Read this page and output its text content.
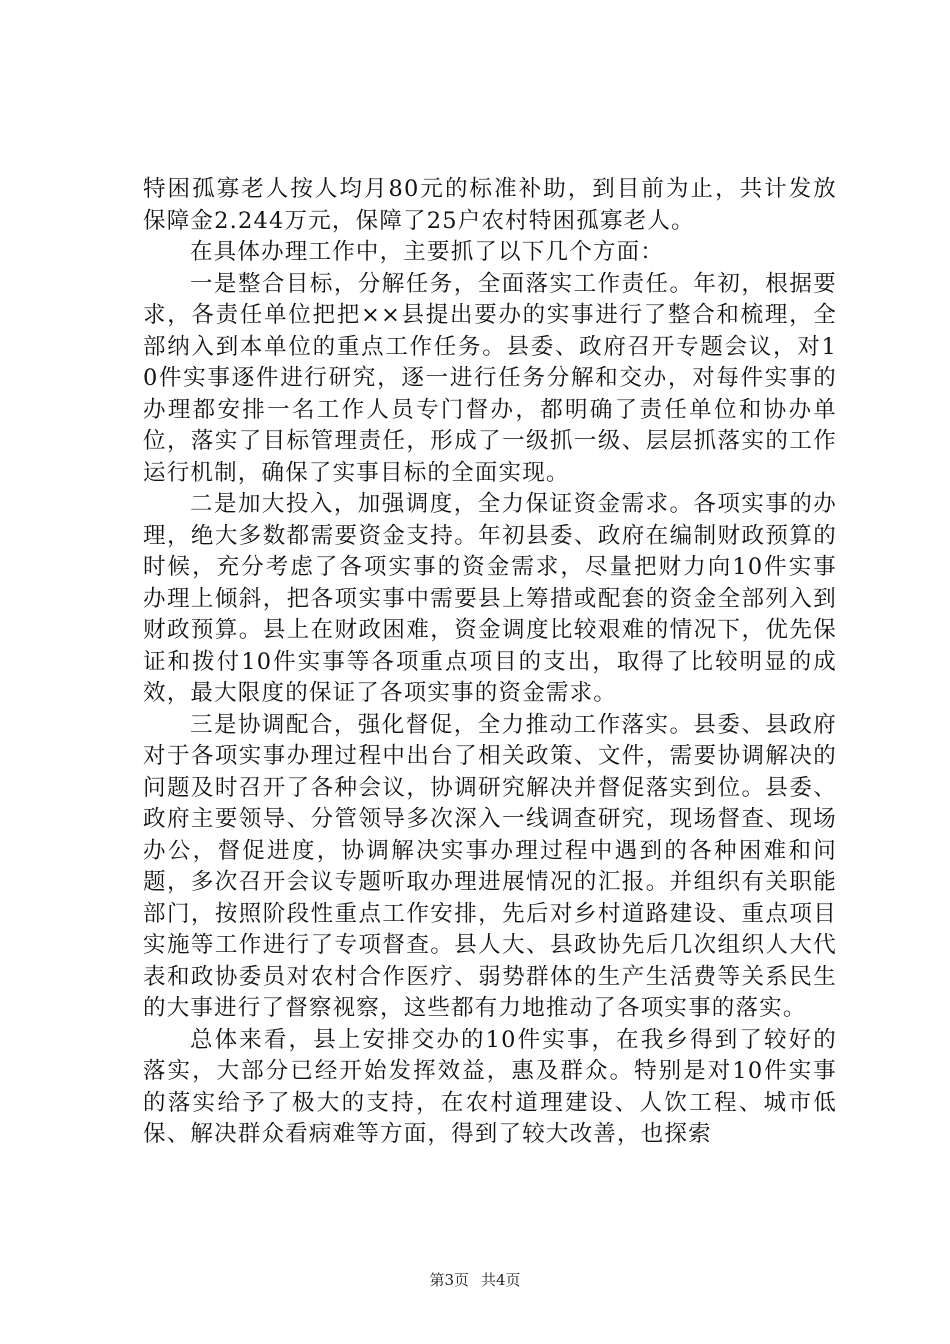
特困孤寡老人按人均月80元的标准补助，到目前为止，共计发放保障金2.244万元，保障了25户农村特困孤寡老人。

在具体办理工作中，主要抓了以下几个方面：

一是整合目标，分解任务，全面落实工作责任。年初，根据要求，各责任单位把把××县提出要办的实事进行了整合和梳理，全部纳入到本单位的重点工作任务。县委、政府召开专题会议，对10件实事逐件进行研究，逐一进行任务分解和交办，对每件实事的办理都安排一名工作人员专门督办，都明确了责任单位和协办单位，落实了目标管理责任，形成了一级抓一级、层层抓落实的工作运行机制，确保了实事目标的全面实现。

二是加大投入，加强调度，全力保证资金需求。各项实事的办理，绝大多数都需要资金支持。年初县委、政府在编制财政预算的时候，充分考虑了各项实事的资金需求，尽量把财力向10件实事办理上倾斜，把各项实事中需要县上筹措或配套的资金全部列入到财政预算。县上在财政困难，资金调度比较艰难的情况下，优先保证和拨付10件实事等各项重点项目的支出，取得了比较明显的成效，最大限度的保证了各项实事的资金需求。

三是协调配合，强化督促，全力推动工作落实。县委、县政府对于各项实事办理过程中出台了相关政策、文件，需要协调解决的问题及时召开了各种会议，协调研究解决并督促落实到位。县委、政府主要领导、分管领导多次深入一线调查研究，现场督查、现场办公，督促进度，协调解决实事办理过程中遇到的各种困难和问题，多次召开会议专题听取办理进展情况的汇报。并组织有关职能部门，按照阶段性重点工作安排，先后对乡村道路建设、重点项目实施等工作进行了专项督查。县人大、县政协先后几次组织人大代表和政协委员对农村合作医疗、弱势群体的生产生活费等关系民生的大事进行了督察视察，这些都有力地推动了各项实事的落实。

总体来看，县上安排交办的10件实事，在我乡得到了较好的落实，大部分已经开始发挥效益，惠及群众。特别是对10件实事的落实给予了极大的支持，在农村道理建设、人饮工程、城市低保、解决群众看病难等方面，得到了较大改善，也探索

第3页 共4页
